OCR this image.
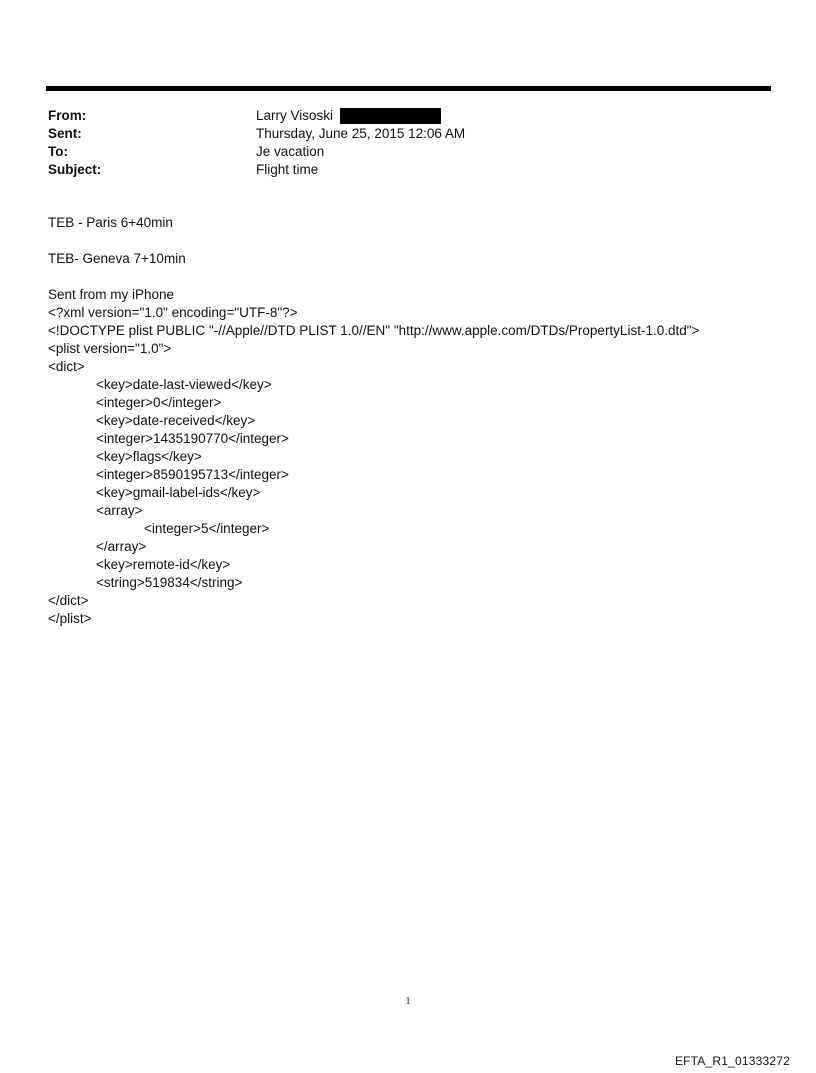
From:	Larry Visoski
Sent:	Thursday, June 25, 2015 12:06 AM
To:	Je vacation
Subject:	Flight time
TEB - Paris 6+40min
TEB- Geneva 7+10min
Sent from my iPhone
<?xml version="1.0" encoding="UTF-8"?>
<!DOCTYPE plist PUBLIC "-//Apple//DTD PLIST 1.0//EN" "http://www.apple.com/DTDs/PropertyList-1.0.dtd">
<plist version="1.0">
<dict>
<key>date-last-viewed</key>
<integer>0</integer>
<key>date-received</key>
<integer>1435190770</integer>
<key>flags</key>
<integer>8590195713</integer>
<key>gmail-label-ids</key>
<array>
<integer>5</integer>
</array>
<key>remote-id</key>
<string>519834</string>
</dict>
</plist>
1
EFTA_R1_01333272
